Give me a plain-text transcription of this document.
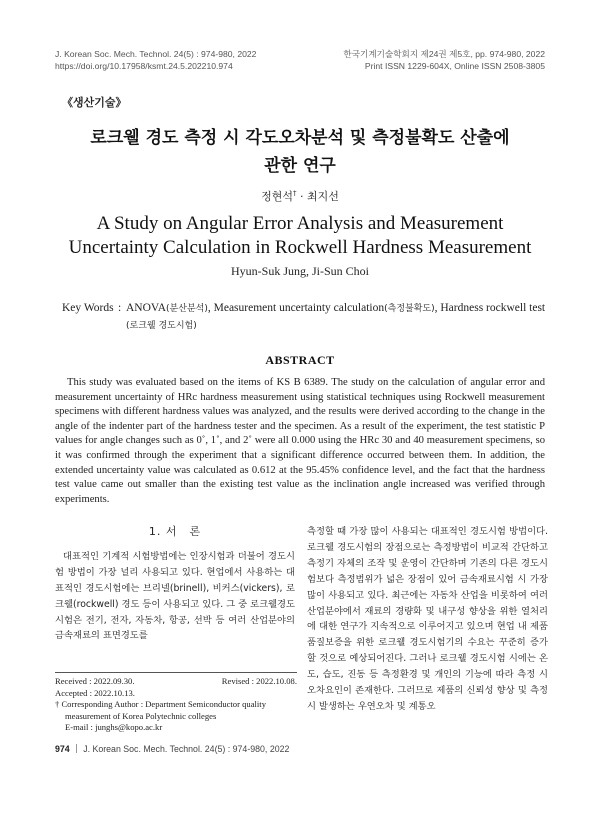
J. Korean Soc. Mech. Technol. 24(5) : 974-980, 2022
https://doi.org/10.17958/ksmt.24.5.202210.974
한국기계기술학회지 제24권 제5호, pp. 974-980, 2022
Print ISSN 1229-604X, Online ISSN 2508-3805
《생산기술》
로크웰 경도 측정 시 각도오차분석 및 측정불확도 산출에
관한 연구
정현석† · 최지선
A Study on Angular Error Analysis and Measurement
Uncertainty Calculation in Rockwell Hardness Measurement
Hyun-Suk Jung, Ji-Sun Choi
Key Words : ANOVA(분산분석), Measurement uncertainty calculation(측정불확도), Hardness rockwell test
(로크웰 경도시험)
ABSTRACT
This study was evaluated based on the items of KS B 6389. The study on the calculation of angular error and measurement uncertainty of HRc hardness measurement using statistical techniques using Rockwell measurement specimens with different hardness values was analyzed, and the results were derived according to the change in the angle of the indenter part of the hardness tester and the specimen. As a result of the experiment, the test statistic P values for angle changes such as 0˚, 1˚, and 2˚ were all 0.000 using the HRc 30 and 40 measurement specimens, so it was confirmed through the experiment that a significant difference occurred between them. In addition, the extended uncertainty value was calculated as 0.612 at the 95.45% confidence level, and the fact that the hardness test value came out smaller than the existing test value as the inclination angle increased was verified through experiments.
1. 서　론

대표적인 기계적 시험방법에는 인장시험과 더불어 경도시험 방법이 가장 널리 사용되고 있다. 현업에서 사용하는 대표적인 경도시험에는 브리넬(brinell), 비커스(vickers), 로크웰(rockwell) 경도 등이 사용되고 있다. 그 중 로크웰경도시험은 전기, 전자, 자동차, 항공, 선박 등 여러 산업분야의 금속재료의 표면경도를

측정할 때 가장 많이 사용되는 대표적인 경도시험 방법이다. 로크웰 경도시험의 장점으로는 측정방법이 비교적 간단하고 측정기 자체의 조작 및 운영이 간단하며 기존의 다른 경도시험보다 측정범위가 넓은 장점이 있어 금속재료시험 시 가장 많이 사용되고 있다. 최근에는 자동차 산업을 비롯하여 여러 산업분야에서 재료의 경량화 및 내구성 향상을 위한 열처리에 대한 연구가 지속적으로 이루어지고 있으며 현업 내 제품 품질보증을 위한 로크웰 경도시험기의 수요는 꾸준히 증가할 것으로 예상되어진다. 그러나 로크웰 경도시험 시에는 온도, 습도, 진동 등 측정환경 및 개인의 기능에 따라 측정 시 오차요인이 존재한다. 그러므로 제품의 신뢰성 향상 및 측정 시 발생하는 우연오차 및 계통오

Received : 2022.09.30.	Revised : 2022.10.08.
Accepted : 2022.10.13.
† Corresponding Author : Department Semiconductor quality measurement of Korea Polytechnic colleges
E-mail : junghs@kopo.ac.kr
974 J. Korean Soc. Mech. Technol. 24(5) : 974-980, 2022
